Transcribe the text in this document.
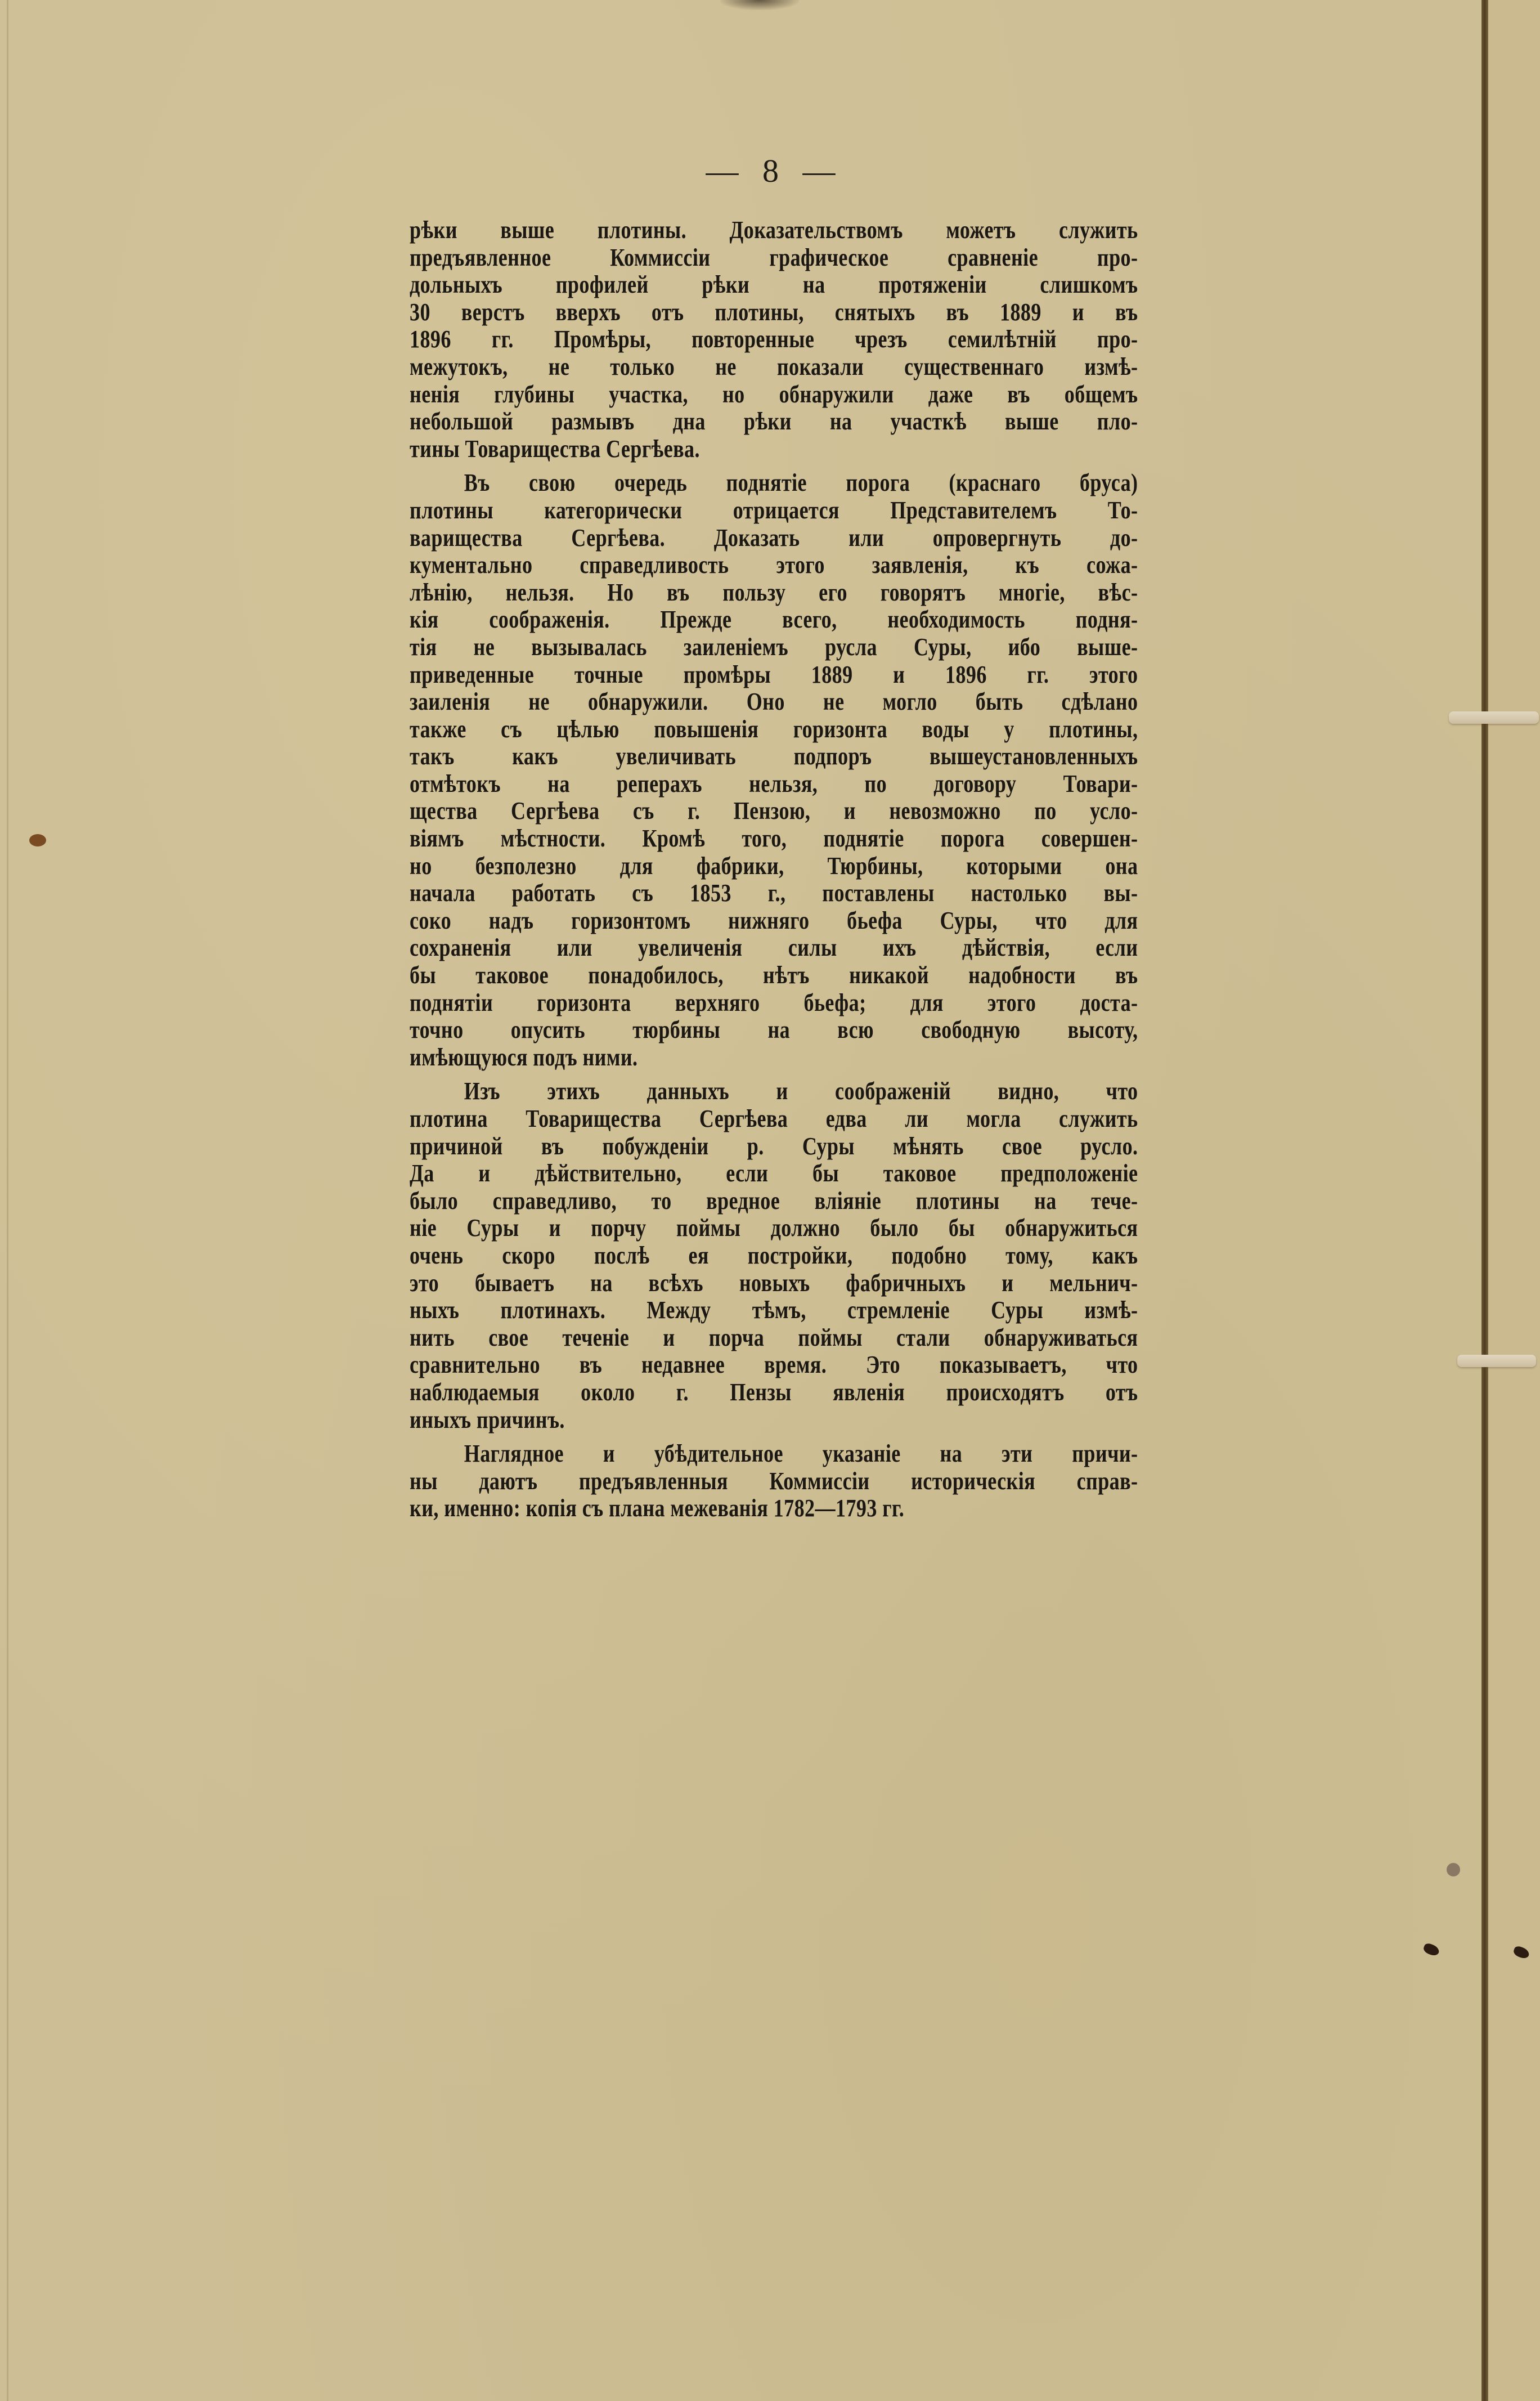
— 8 —
рѣки выше плотины. Доказательствомъ можетъ служить
предъявленное Коммиссіи графическое сравненіе про-
дольныхъ профилей рѣки на протяженіи слишкомъ
30 верстъ вверхъ отъ плотины, снятыхъ въ 1889 и въ
1896 гг. Промѣры, повторенные чрезъ семилѣтній про-
межутокъ, не только не показали существеннаго измѣ-
ненія глубины участка, но обнаружили даже въ общемъ
небольшой размывъ дна рѣки на участкѣ выше пло-
тины Товарищества Сергѣева.
Въ свою очередь поднятіе порога (краснаго бруса)
плотины категорически отрицается Представителемъ То-
варищества Сергѣева. Доказать или опровергнуть до-
кументально справедливость этого заявленія, къ сожа-
лѣнію, нельзя. Но въ пользу его говорятъ многіе, вѣс-
кія соображенія. Прежде всего, необходимость подня-
тія не вызывалась заиленіемъ русла Суры, ибо выше-
приведенные точные промѣры 1889 и 1896 гг. этого
заиленія не обнаружили. Оно не могло быть сдѣлано
также съ цѣлью повышенія горизонта воды у плотины,
такъ какъ увеличивать подпоръ вышеустановленныхъ
отмѣтокъ на реперахъ нельзя, по договору Товари-
щества Сергѣева съ г. Пензою, и невозможно по усло-
віямъ мѣстности. Кромѣ того, поднятіе порога совершен-
но безполезно для фабрики, Тюрбины, которыми она
начала работать съ 1853 г., поставлены настолько вы-
соко надъ горизонтомъ нижняго бьефа Суры, что для
сохраненія или увеличенія силы ихъ дѣйствія, если
бы таковое понадобилось, нѣтъ никакой надобности въ
поднятіи горизонта верхняго бьефа; для этого доста-
точно опусить тюрбины на всю свободную высоту,
имѣющуюся подъ ними.
Изъ этихъ данныхъ и соображеній видно, что
плотина Товарищества Сергѣева едва ли могла служить
причиной въ побужденіи р. Суры мѣнять свое русло.
Да и дѣйствительно, если бы таковое предположеніе
было справедливо, то вредное вліяніе плотины на тече-
ніе Суры и порчу поймы должно было бы обнаружиться
очень скоро послѣ ея постройки, подобно тому, какъ
это бываетъ на всѣхъ новыхъ фабричныхъ и мельнич-
ныхъ плотинахъ. Между тѣмъ, стремленіе Суры измѣ-
нить свое теченіе и порча поймы стали обнаруживаться
сравнительно въ недавнее время. Это показываетъ, что
наблюдаемыя около г. Пензы явленія происходятъ отъ
иныхъ причинъ.
Наглядное и убѣдительное указаніе на эти причи-
ны даютъ предъявленныя Коммиссіи историческія справ-
ки, именно: копія съ плана межеванія 1782—1793 гг.
